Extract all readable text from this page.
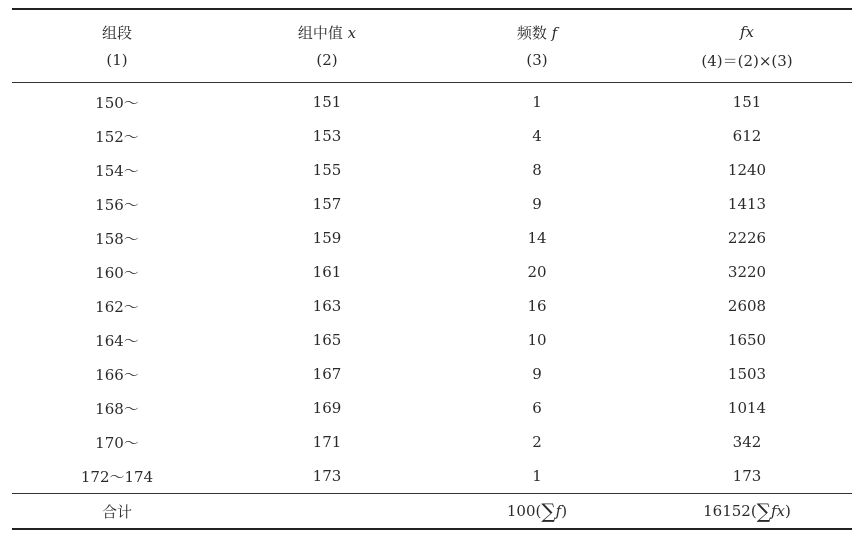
组段	组中值 x	频数 f	fx
(1)	(2)	(3)	(4)＝(2)×(3)
150～	151	1	151
152～	153	4	612
154～	155	8	1240
156～	157	9	1413
158～	159	14	2226
160～	161	20	3220
162～	163	16	2608
164～	165	10	1650
166～	167	9	1503
168～	169	6	1014
170～	171	2	342
172～174	173	1	173
合计		100(∑f)	16152(∑fx)
